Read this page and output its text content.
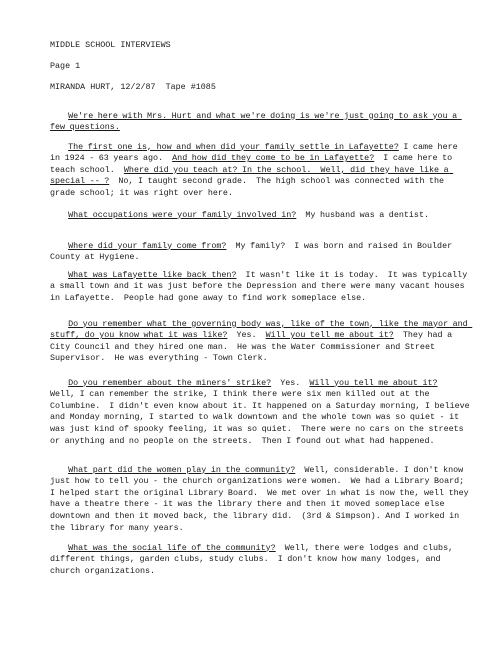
MIDDLE SCHOOL INTERVIEWS
Page 1
MIRANDA HURT, 12/2/87  Tape #1085

We're here with Mrs. Hurt and what we're doing is we're just going to ask you a few questions.

The first one is, how and when did your family settle in Lafayette? I came here in 1924 - 63 years ago.  And how did they come to be in Lafayette?  I came here to teach school.  Where did you teach at? In the school.  Well, did they have like a special -- ?  No, I taught second grade.  The high school was connected with the grade school; it was right over here.

What occupations were your family involved in?  My husband was a dentist.

Where did your family come from?  My family?  I was born and raised in Boulder County at Hygiene.

What was Lafayette like back then?  It wasn't like it is today.  It was typically a small town and it was just before the Depression and there were many vacant houses in Lafayette.  People had gone away to find work someplace else.

Do you remember what the governing body was, like of the town, like the mayor and stuff, do you know what it was like?  Yes.  Will you tell me about it?  They had a City Council and they hired one man.  He was the Water Commissioner and Street Supervisor.  He was everything - Town Clerk.

Do you remember about the miners' strike?  Yes.  Will you tell me about it?  Well, I can remember the strike, I think there were six men killed out at the Columbine.  I didn't even know about it. It happened on a Saturday morning, I believe and Monday morning, I started to walk downtown and the whole town was so quiet - it was just kind of spooky feeling, it was so quiet.  There were no cars on the streets or anything and no people on the streets.  Then I found out what had happened.

What part did the women play in the community?  Well, considerable. I don't know just how to tell you - the church organizations were women.  We had a Library Board; I helped start the original Library Board.  We met over in what is now the, well they have a theatre there - it was the library there and then it moved someplace else downtown and then it moved back, the library did.  (3rd & Simpson). And I worked in the library for many years.

What was the social life of the community?  Well, there were lodges and clubs, different things, garden clubs, study clubs.  I don't know how many lodges, and church organizations.
